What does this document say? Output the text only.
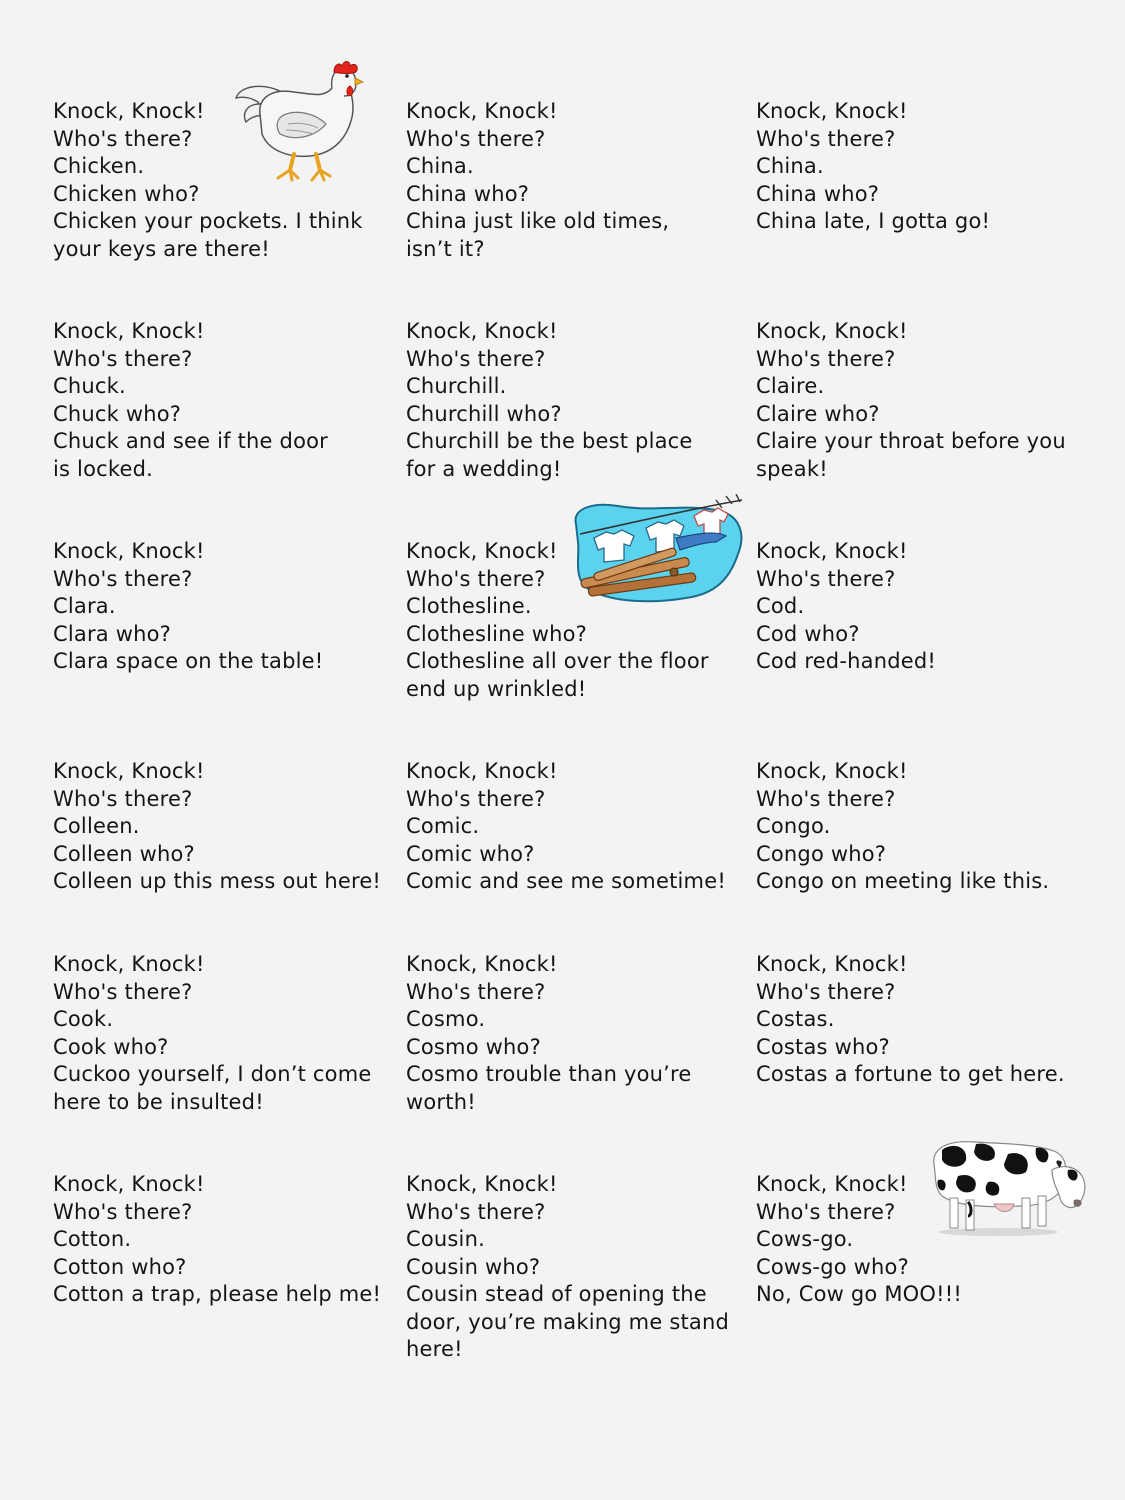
Knock, Knock!
Who's there?
Chicken.
Chicken who?
Chicken your pockets. I think
your keys are there!
Knock, Knock!
Who's there?
China.
China who?
China just like old times,
isn’t it?
Knock, Knock!
Who's there?
China.
China who?
China late, I gotta go!
Knock, Knock!
Who's there?
Chuck.
Chuck who?
Chuck and see if the door
is locked.
Knock, Knock!
Who's there?
Churchill.
Churchill who?
Churchill be the best place
for a wedding!
Knock, Knock!
Who's there?
Claire.
Claire who?
Claire your throat before you
speak!
Knock, Knock!
Who's there?
Clara.
Clara who?
Clara space on the table!
Knock, Knock!
Who's there?
Clothesline.
Clothesline who?
Clothesline all over the floor
end up wrinkled!
Knock, Knock!
Who's there?
Cod.
Cod who?
Cod red-handed!
Knock, Knock!
Who's there?
Colleen.
Colleen who?
Colleen up this mess out here!
Knock, Knock!
Who's there?
Comic.
Comic who?
Comic and see me sometime!
Knock, Knock!
Who's there?
Congo.
Congo who?
Congo on meeting like this.
Knock, Knock!
Who's there?
Cook.
Cook who?
Cuckoo yourself, I don’t come
here to be insulted!
Knock, Knock!
Who's there?
Cosmo.
Cosmo who?
Cosmo trouble than you’re
worth!
Knock, Knock!
Who's there?
Costas.
Costas who?
Costas a fortune to get here.
Knock, Knock!
Who's there?
Cotton.
Cotton who?
Cotton a trap, please help me!
Knock, Knock!
Who's there?
Cousin.
Cousin who?
Cousin stead of opening the
door, you’re making me stand
here!
Knock, Knock!
Who's there?
Cows-go.
Cows-go who?
No, Cow go MOO!!!
